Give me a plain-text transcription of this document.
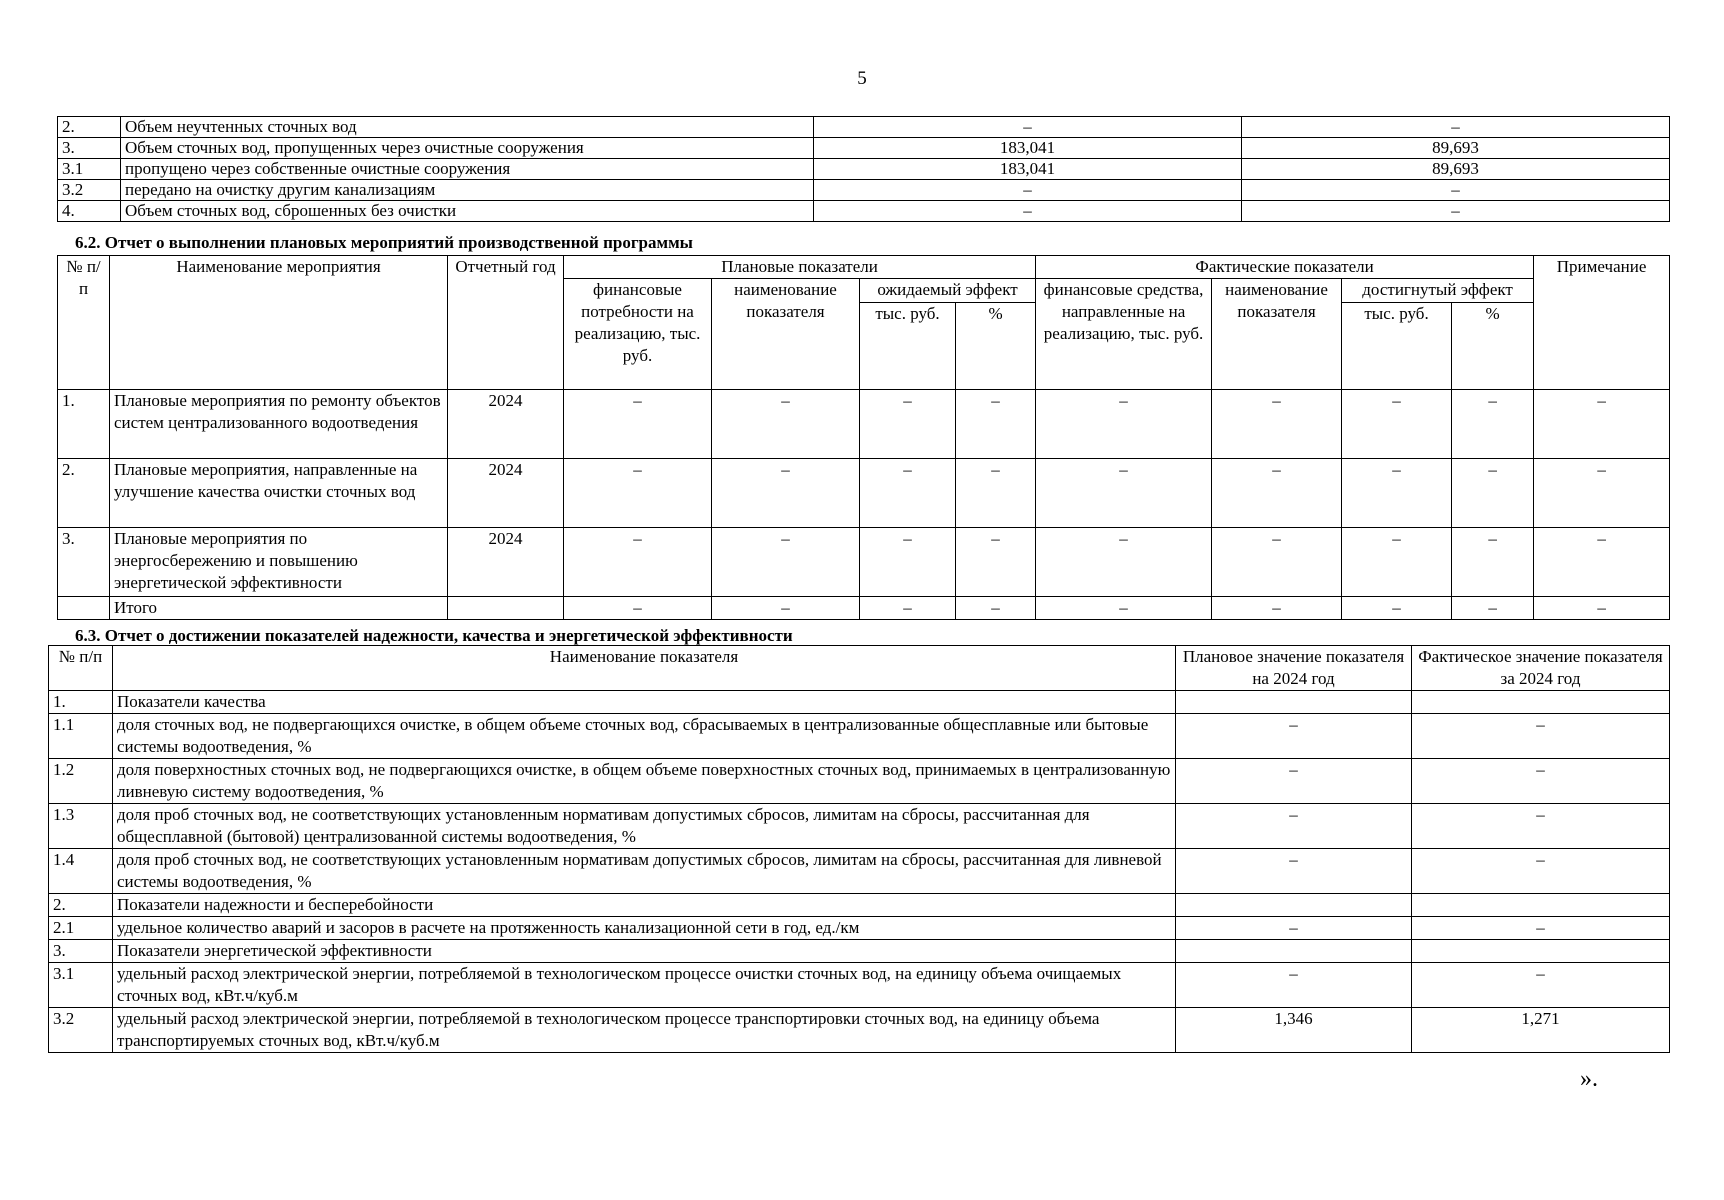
5
2.	Объем неучтенных сточных вод	–	–
3.	Объем сточных вод, пропущенных через очистные сооружения	183,041	89,693
3.1	пропущено через собственные очистные сооружения	183,041	89,693
3.2	передано на очистку другим канализациям	–	–
4.	Объем сточных вод, сброшенных без очистки	–	–
6.2. Отчет о выполнении плановых мероприятий производственной программы
№ п/п	Наименование мероприятия	Отчетный год	Плановые показатели				Фактические показатели				Примечание
			финансовые потребности на реализацию, тыс. руб.	наименование показателя	ожидаемый эффект		финансовые средства, направленные на реализацию, тыс. руб.	наименование показателя	достигнутый эффект		
					тыс. руб.	%			тыс. руб.	%	
1.	Плановые мероприятия по ремонту объектов систем централизованного водоотведения	2024	–	–	–	–	–	–	–	–	–
2.	Плановые мероприятия, направленные на улучшение качества очистки сточных вод	2024	–	–	–	–	–	–	–	–	–
3.	Плановые мероприятия по энергосбережению и повышению энергетической эффективности	2024	–	–	–	–	–	–	–	–	–
	Итого		–	–	–	–	–	–	–	–	–
6.3. Отчет о достижении показателей надежности, качества и энергетической эффективности
№ п/п	Наименование показателя	Плановое значение показателя на 2024 год	Фактическое значение показателя за 2024 год
1.	Показатели качества		
1.1	доля сточных вод, не подвергающихся очистке, в общем объеме сточных вод, сбрасываемых в централизованные общесплавные или бытовые системы водоотведения, %	–	–
1.2	доля поверхностных сточных вод, не подвергающихся очистке, в общем объеме поверхностных сточных вод, принимаемых в централизованную ливневую систему водоотведения, %	–	–
1.3	доля проб сточных вод, не соответствующих установленным нормативам допустимых сбросов, лимитам на сбросы, рассчитанная для общесплавной (бытовой) централизованной системы водоотведения, %	–	–
1.4	доля проб сточных вод, не соответствующих установленным нормативам допустимых сбросов, лимитам на сбросы, рассчитанная для ливневой системы водоотведения, %	–	–
2.	Показатели надежности и бесперебойности		
2.1	удельное количество аварий и засоров в расчете на протяженность канализационной сети в год, ед./км	–	–
3.	Показатели энергетической эффективности		
3.1	удельный расход электрической энергии, потребляемой в технологическом процессе очистки сточных вод, на единицу объема очищаемых сточных вод, кВт.ч/куб.м	–	–
3.2	удельный расход электрической энергии, потребляемой в технологическом процессе транспортировки сточных вод, на единицу объема транспортируемых сточных вод, кВт.ч/куб.м	1,346	1,271
».
